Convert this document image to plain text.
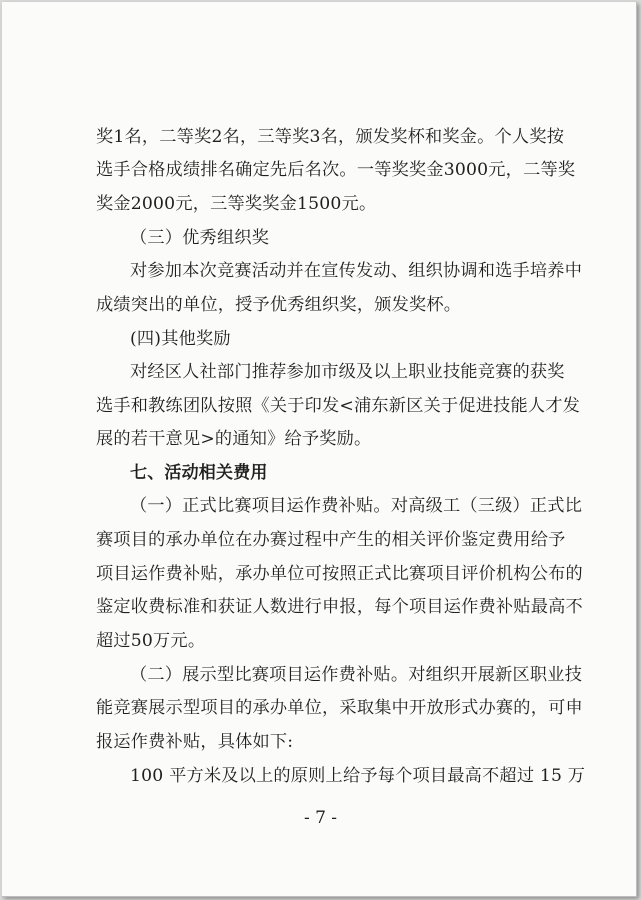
奖1名，二等奖2名，三等奖3名，颁发奖杯和奖金。个人奖按
选手合格成绩排名确定先后名次。一等奖奖金3000元，二等奖
奖金2000元，三等奖奖金1500元。
（三）优秀组织奖
对参加本次竞赛活动并在宣传发动、组织协调和选手培养中
成绩突出的单位，授予优秀组织奖，颁发奖杯。
(四)其他奖励
对经区人社部门推荐参加市级及以上职业技能竞赛的获奖
选手和教练团队按照《关于印发<浦东新区关于促进技能人才发
展的若干意见>的通知》给予奖励。
七、活动相关费用
（一）正式比赛项目运作费补贴。对高级工（三级）正式比
赛项目的承办单位在办赛过程中产生的相关评价鉴定费用给予
项目运作费补贴，承办单位可按照正式比赛项目评价机构公布的
鉴定收费标准和获证人数进行申报，每个项目运作费补贴最高不
超过50万元。
（二）展示型比赛项目运作费补贴。对组织开展新区职业技
能竞赛展示型项目的承办单位，采取集中开放形式办赛的，可申
报运作费补贴，具体如下:
100 平方米及以上的原则上给予每个项目最高不超过 15 万
- 7 -
